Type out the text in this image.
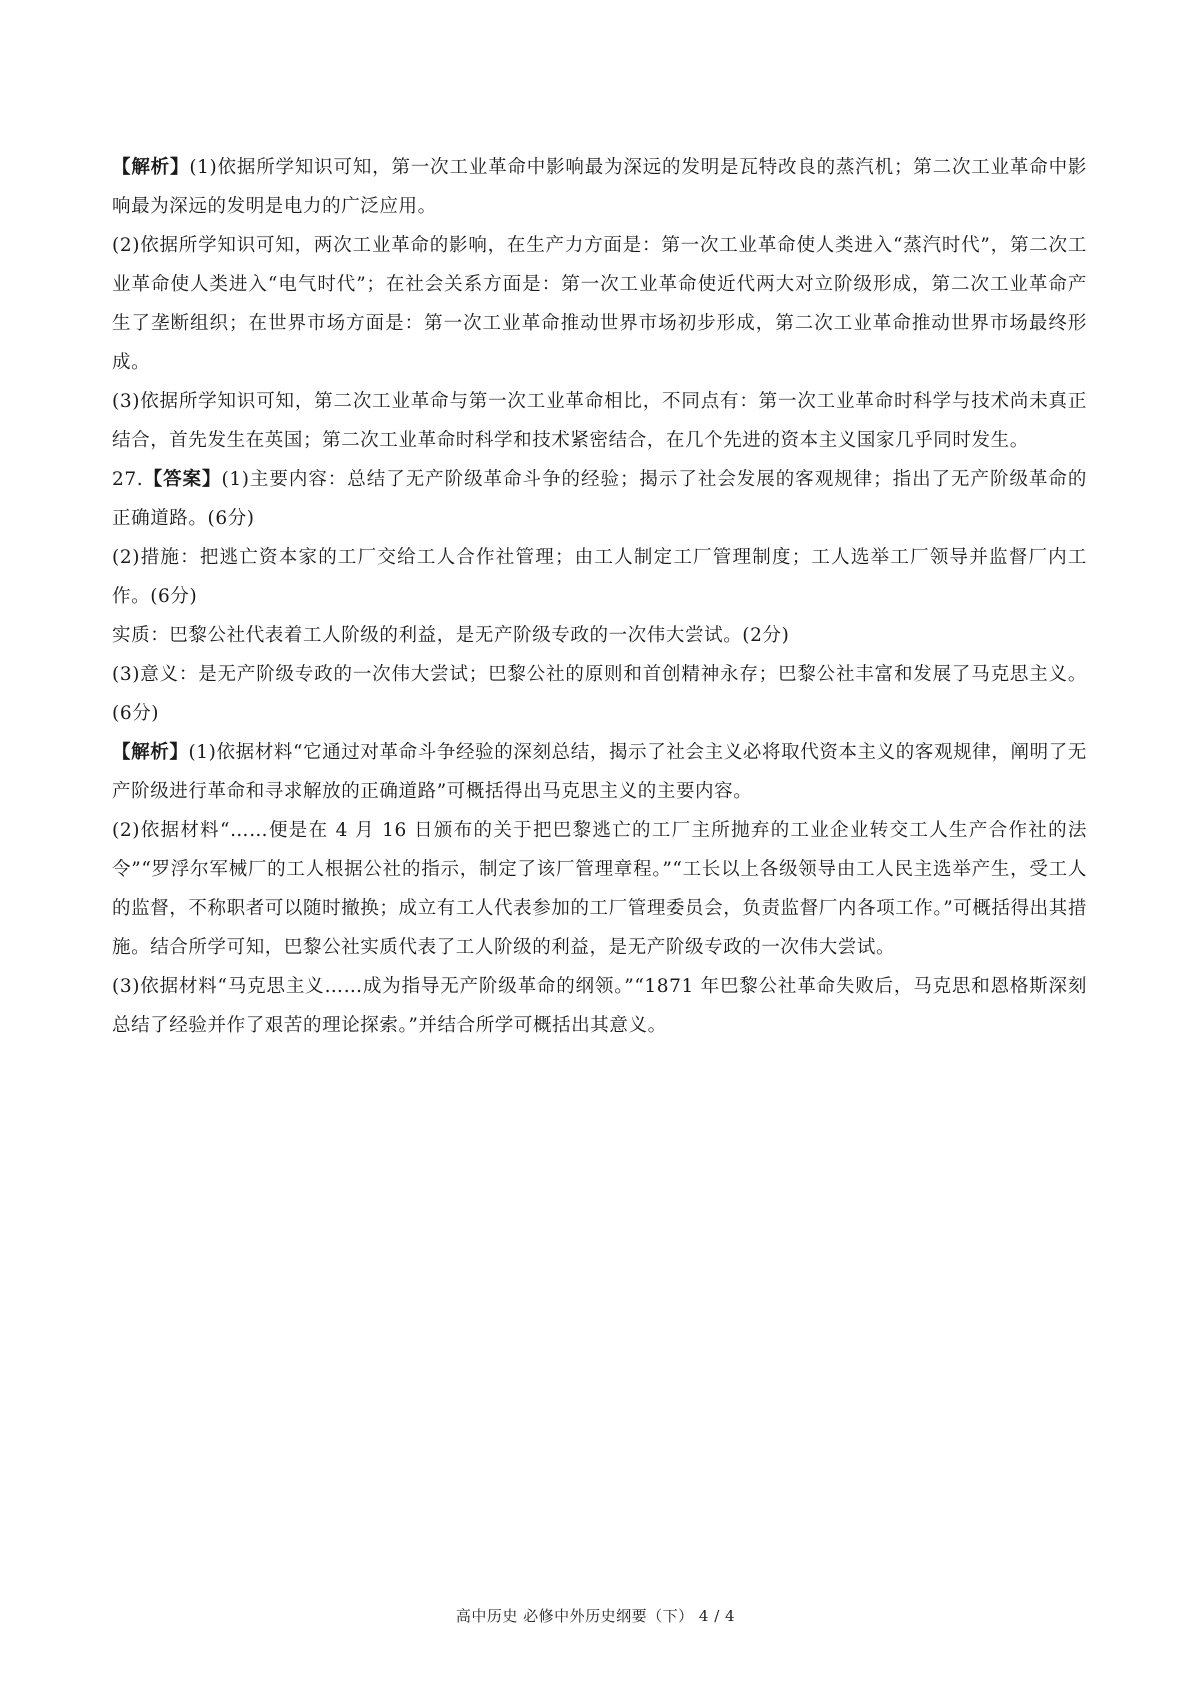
【解析】(1)依据所学知识可知，第一次工业革命中影响最为深远的发明是瓦特改良的蒸汽机；第二次工业革命中影响最为深远的发明是电力的广泛应用。

(2)依据所学知识可知，两次工业革命的影响，在生产力方面是：第一次工业革命使人类进入“蒸汽时代”，第二次工业革命使人类进入“电气时代”；在社会关系方面是：第一次工业革命使近代两大对立阶级形成，第二次工业革命产生了垄断组织；在世界市场方面是：第一次工业革命推动世界市场初步形成，第二次工业革命推动世界市场最终形成。

(3)依据所学知识可知，第二次工业革命与第一次工业革命相比，不同点有：第一次工业革命时科学与技术尚未真正结合，首先发生在英国；第二次工业革命时科学和技术紧密结合，在几个先进的资本主义国家几乎同时发生。

27.【答案】(1)主要内容：总结了无产阶级革命斗争的经验；揭示了社会发展的客观规律；指出了无产阶级革命的正确道路。(6分)

(2)措施：把逃亡资本家的工厂交给工人合作社管理；由工人制定工厂管理制度；工人选举工厂领导并监督厂内工作。(6分)

实质：巴黎公社代表着工人阶级的利益，是无产阶级专政的一次伟大尝试。(2分)

(3)意义：是无产阶级专政的一次伟大尝试；巴黎公社的原则和首创精神永存；巴黎公社丰富和发展了马克思主义。(6分)

【解析】(1)依据材料“它通过对革命斗争经验的深刻总结，揭示了社会主义必将取代资本主义的客观规律，阐明了无产阶级进行革命和寻求解放的正确道路”可概括得出马克思主义的主要内容。

(2)依据材料“……便是在 4 月 16 日颁布的关于把巴黎逃亡的工厂主所抛弃的工业企业转交工人生产合作社的法令”“罗浮尔军械厂的工人根据公社的指示，制定了该厂管理章程。”“工长以上各级领导由工人民主选举产生，受工人的监督，不称职者可以随时撤换；成立有工人代表参加的工厂管理委员会，负责监督厂内各项工作。”可概括得出其措施。结合所学可知，巴黎公社实质代表了工人阶级的利益，是无产阶级专政的一次伟大尝试。

(3)依据材料“马克思主义……成为指导无产阶级革命的纲领。”“1871 年巴黎公社革命失败后，马克思和恩格斯深刻总结了经验并作了艰苦的理论探索。”并结合所学可概括出其意义。

高中历史 必修中外历史纲要（下） 4 / 4
